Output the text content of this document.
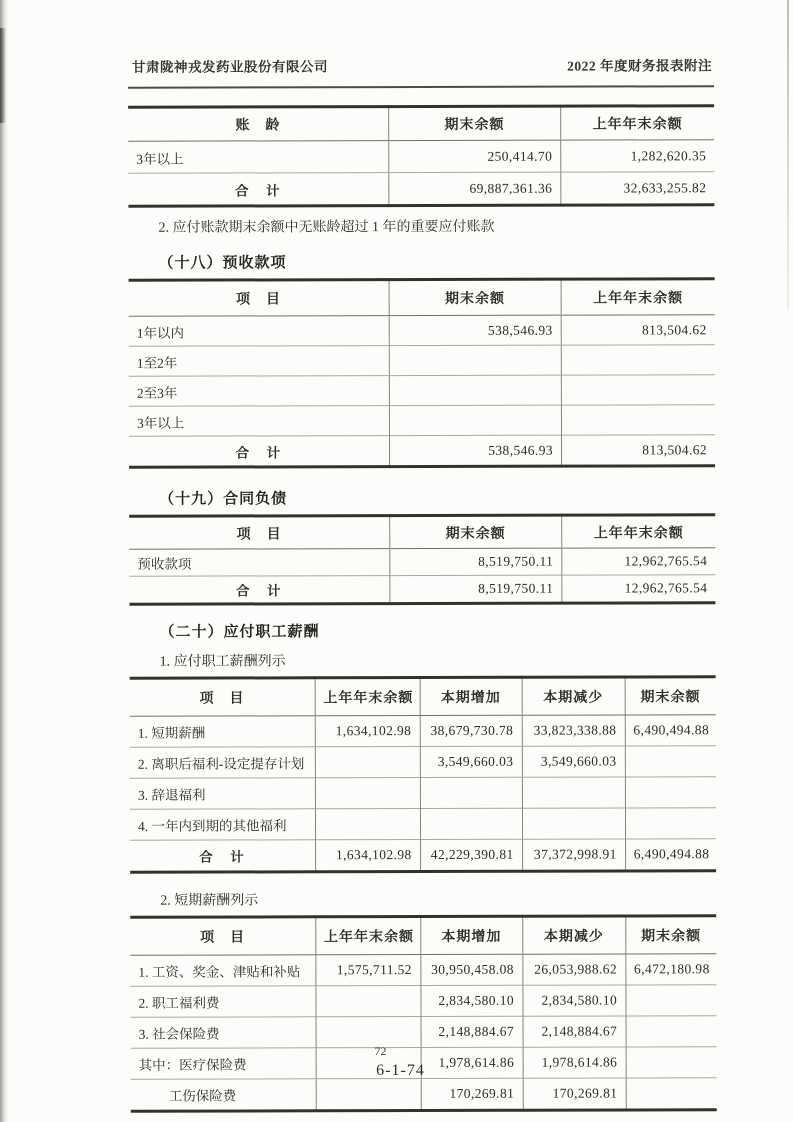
甘肃陇神戎发药业股份有限公司	2022 年度财务报表附注
账　龄	期末余额	上年年末余额
3年以上	250,414.70	1,282,620.35
合　计	69,887,361.36	32,633,255.82
2. 应付账款期末余额中无账龄超过 1 年的重要应付账款
（十八）预收款项
项　目	期末余额	上年年末余额
1年以内	538,546.93	813,504.62
1至2年		
2至3年		
3年以上		
合　计	538,546.93	813,504.62
（十九）合同负债
项　目	期末余额	上年年末余额
预收款项	8,519,750.11	12,962,765.54
合　计	8,519,750.11	12,962,765.54
（二十）应付职工薪酬
1. 应付职工薪酬列示
项　目	上年年末余额	本期增加	本期减少	期末余额
1. 短期薪酬	1,634,102.98	38,679,730.78	33,823,338.88	6,490,494.88
2. 离职后福利-设定提存计划		3,549,660.03	3,549,660.03	
3. 辞退福利				
4. 一年内到期的其他福利				
合　计	1,634,102.98	42,229,390.81	37,372,998.91	6,490,494.88
2. 短期薪酬列示
项　目	上年年末余额	本期增加	本期减少	期末余额
1. 工资、奖金、津贴和补贴	1,575,711.52	30,950,458.08	26,053,988.62	6,472,180.98
2. 职工福利费		2,834,580.10	2,834,580.10	
3. 社会保险费		2,148,884.67	2,148,884.67	
其中：医疗保险费		1,978,614.86	1,978,614.86	
工伤保险费		170,269.81	170,269.81	
72
6-1-74
